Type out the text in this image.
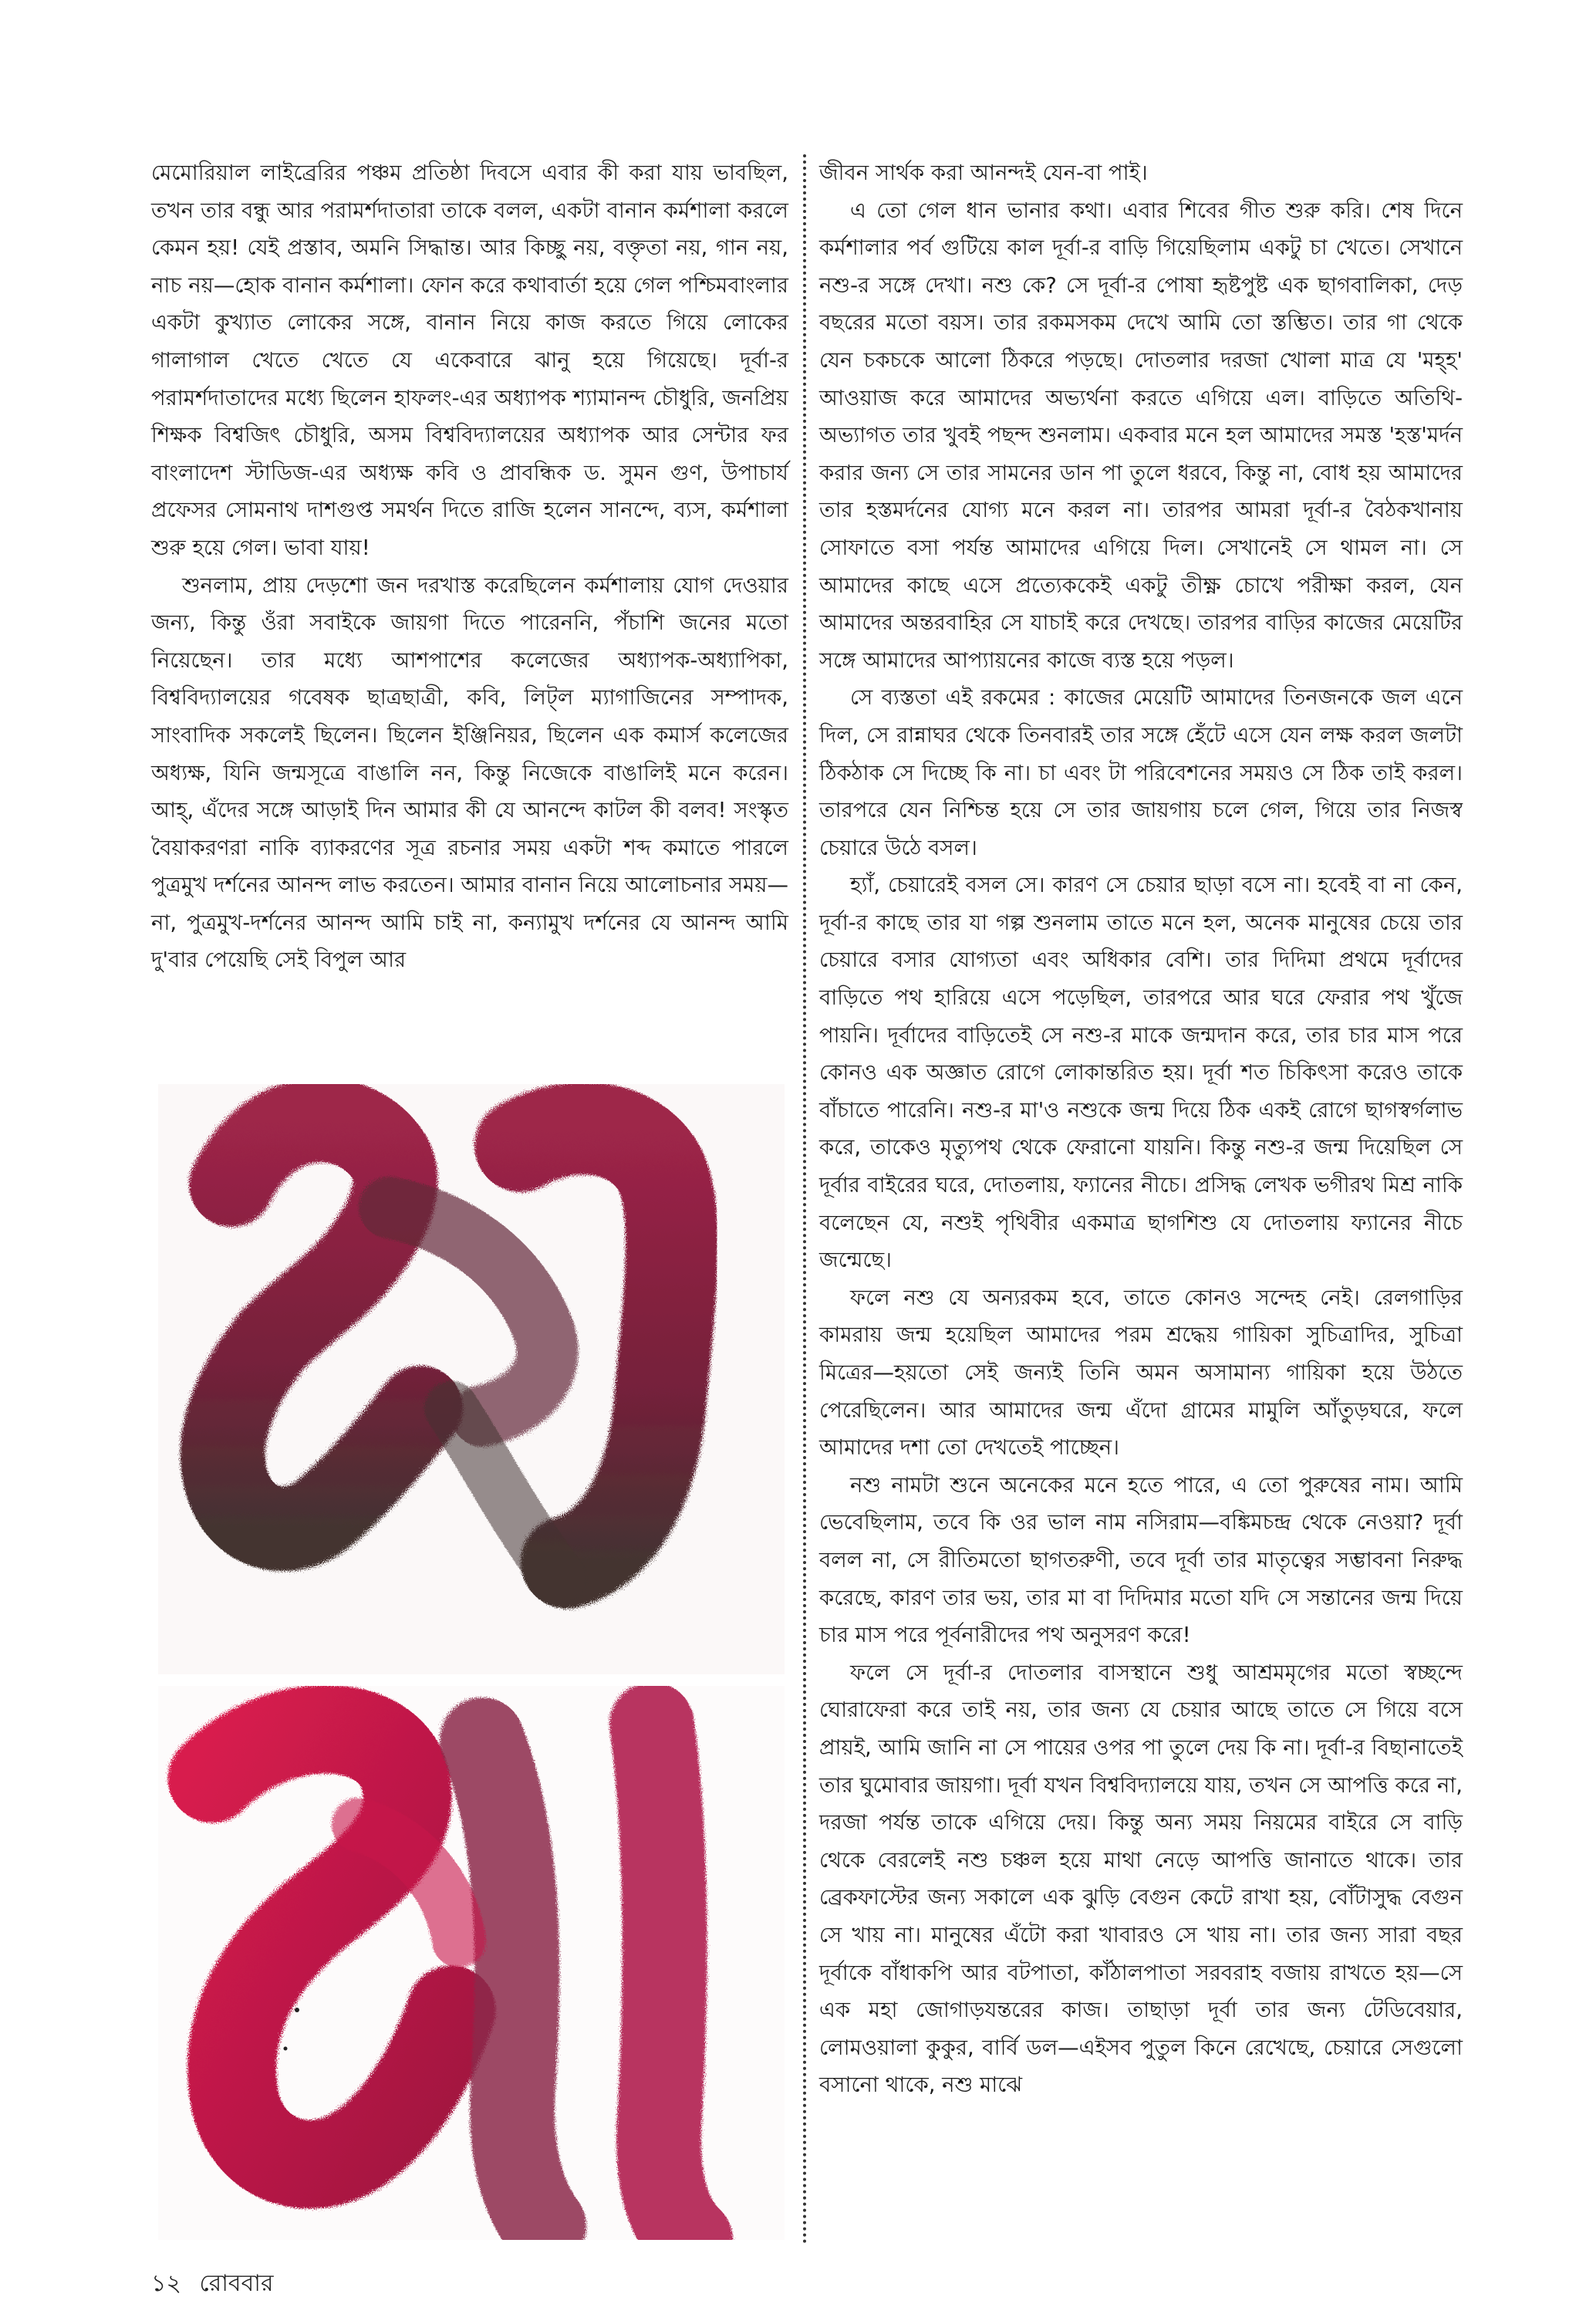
মেমোরিয়াল লাইব্রেরির পঞ্চম প্রতিষ্ঠা দিবসে এবার কী করা যায় ভাবছিল, তখন তার বন্ধু আর পরামর্শদাতারা তাকে বলল, একটা বানান কর্মশালা করলে কেমন হয়! যেই প্রস্তাব, অমনি সিদ্ধান্ত। আর কিচ্ছু নয়, বক্তৃতা নয়, গান নয়, নাচ নয়—হোক বানান কর্মশালা। ফোন করে কথাবার্তা হয়ে গেল পশ্চিমবাংলার একটা কুখ্যাত লোকের সঙ্গে, বানান নিয়ে কাজ করতে গিয়ে লোকের গালাগাল খেতে খেতে যে একেবারে ঝানু হয়ে গিয়েছে। দূর্বা-র পরামর্শদাতাদের মধ্যে ছিলেন হাফলং-এর অধ্যাপক শ্যামানন্দ চৌধুরি, জনপ্রিয় শিক্ষক বিশ্বজিৎ চৌধুরি, অসম বিশ্ববিদ্যালয়ের অধ্যাপক আর সেন্টার ফর বাংলাদেশ স্টাডিজ-এর অধ্যক্ষ কবি ও প্রাবন্ধিক ড. সুমন গুণ, উপাচার্য প্রফেসর সোমনাথ দাশগুপ্ত সমর্থন দিতে রাজি হলেন সানন্দে, ব্যস, কর্মশালা শুরু হয়ে গেল। ভাবা যায়!

শুনলাম, প্রায় দেড়শো জন দরখাস্ত করেছিলেন কর্মশালায় যোগ দেওয়ার জন্য, কিন্তু ওঁরা সবাইকে জায়গা দিতে পারেননি, পঁচাশি জনের মতো নিয়েছেন। তার মধ্যে আশপাশের কলেজের অধ্যাপক-অধ্যাপিকা, বিশ্ববিদ্যালয়ের গবেষক ছাত্রছাত্রী, কবি, লিট্‌ল ম্যাগাজিনের সম্পাদক, সাংবাদিক সকলেই ছিলেন। ছিলেন ইঞ্জিনিয়র, ছিলেন এক কমার্স কলেজের অধ্যক্ষ, যিনি জন্মসূত্রে বাঙালি নন, কিন্তু নিজেকে বাঙালিই মনে করেন। আহ্‌, এঁদের সঙ্গে আড়াই দিন আমার কী যে আনন্দে কাটল কী বলব! সংস্কৃত বৈয়াকরণরা নাকি ব্যাকরণের সূত্র রচনার সময় একটা শব্দ কমাতে পারলে পুত্রমুখ দর্শনের আনন্দ লাভ করতেন। আমার বানান নিয়ে আলোচনার সময়—না, পুত্রমুখ-দর্শনের আনন্দ আমি চাই না, কন্যামুখ দর্শনের যে আনন্দ আমি দু'বার পেয়েছি সেই বিপুল আর

জীবন সার্থক করা আনন্দই যেন-বা পাই।

এ তো গেল ধান ভানার কথা। এবার শিবের গীত শুরু করি। শেষ দিনে কর্মশালার পর্ব গুটিয়ে কাল দূর্বা-র বাড়ি গিয়েছিলাম একটু চা খেতে। সেখানে নশু-র সঙ্গে দেখা। নশু কে? সে দূর্বা-র পোষা হৃষ্টপুষ্ট এক ছাগবালিকা, দেড় বছরের মতো বয়স। তার রকমসকম দেখে আমি তো স্তম্ভিত। তার গা থেকে যেন চকচকে আলো ঠিকরে পড়ছে। দোতলার দরজা খোলা মাত্র যে 'মহ্‌হ' আওয়াজ করে আমাদের অভ্যর্থনা করতে এগিয়ে এল। বাড়িতে অতিথি-অভ্যাগত তার খুবই পছন্দ শুনলাম। একবার মনে হল আমাদের সমস্ত 'হস্ত'মর্দন করার জন্য সে তার সামনের ডান পা তুলে ধরবে, কিন্তু না, বোধ হয় আমাদের তার হস্তমর্দনের যোগ্য মনে করল না। তারপর আমরা দূর্বা-র বৈঠকখানায় সোফাতে বসা পর্যন্ত আমাদের এগিয়ে দিল। সেখানেই সে থামল না। সে আমাদের কাছে এসে প্রত্যেককেই একটু তীক্ষ্ণ চোখে পরীক্ষা করল, যেন আমাদের অন্তরবাহির সে যাচাই করে দেখছে। তারপর বাড়ির কাজের মেয়েটির সঙ্গে আমাদের আপ্যায়নের কাজে ব্যস্ত হয়ে পড়ল।

সে ব্যস্ততা এই রকমের : কাজের মেয়েটি আমাদের তিনজনকে জল এনে দিল, সে রান্নাঘর থেকে তিনবারই তার সঙ্গে হেঁটে এসে যেন লক্ষ করল জলটা ঠিকঠাক সে দিচ্ছে কি না। চা এবং টা পরিবেশনের সময়ও সে ঠিক তাই করল। তারপরে যেন নিশ্চিন্ত হয়ে সে তার জায়গায় চলে গেল, গিয়ে তার নিজস্ব চেয়ারে উঠে বসল।

হ্যাঁ, চেয়ারেই বসল সে। কারণ সে চেয়ার ছাড়া বসে না। হবেই বা না কেন, দূর্বা-র কাছে তার যা গল্প শুনলাম তাতে মনে হল, অনেক মানুষের চেয়ে তার চেয়ারে বসার যোগ্যতা এবং অধিকার বেশি। তার দিদিমা প্রথমে দূর্বাদের বাড়িতে পথ হারিয়ে এসে পড়েছিল, তারপরে আর ঘরে ফেরার পথ খুঁজে পায়নি। দূর্বাদের বাড়িতেই সে নশু-র মাকে জন্মদান করে, তার চার মাস পরে কোনও এক অজ্ঞাত রোগে লোকান্তরিত হয়। দূর্বা শত চিকিৎসা করেও তাকে বাঁচাতে পারেনি। নশু-র মা'ও নশুকে জন্ম দিয়ে ঠিক একই রোগে ছাগস্বর্গলাভ করে, তাকেও মৃত্যুপথ থেকে ফেরানো যায়নি। কিন্তু নশু-র জন্ম দিয়েছিল সে দূর্বার বাইরের ঘরে, দোতলায়, ফ্যানের নীচে। প্রসিদ্ধ লেখক ভগীরথ মিশ্র নাকি বলেছেন যে, নশুই পৃথিবীর একমাত্র ছাগশিশু যে দোতলায় ফ্যানের নীচে জন্মেছে।

ফলে নশু যে অন্যরকম হবে, তাতে কোনও সন্দেহ নেই। রেলগাড়ির কামরায় জন্ম হয়েছিল আমাদের পরম শ্রদ্ধেয় গায়িকা সুচিত্রাদির, সুচিত্রা মিত্রের—হয়তো সেই জন্যই তিনি অমন অসামান্য গায়িকা হয়ে উঠতে পেরেছিলেন। আর আমাদের জন্ম এঁদো গ্রামের মামুলি আঁতুড়ঘরে, ফলে আমাদের দশা তো দেখতেই পাচ্ছেন।

নশু নামটা শুনে অনেকের মনে হতে পারে, এ তো পুরুষের নাম। আমি ভেবেছিলাম, তবে কি ওর ভাল নাম নসিরাম—বঙ্কিমচন্দ্র থেকে নেওয়া? দূর্বা বলল না, সে রীতিমতো ছাগতরুণী, তবে দূর্বা তার মাতৃত্বের সম্ভাবনা নিরুদ্ধ করেছে, কারণ তার ভয়, তার মা বা দিদিমার মতো যদি সে সন্তানের জন্ম দিয়ে চার মাস পরে পূর্বনারীদের পথ অনুসরণ করে!

ফলে সে দূর্বা-র দোতলার বাসস্থানে শুধু আশ্রমমৃগের মতো স্বচ্ছন্দে ঘোরাফেরা করে তাই নয়, তার জন্য যে চেয়ার আছে তাতে সে গিয়ে বসে প্রায়ই, আমি জানি না সে পায়ের ওপর পা তুলে দেয় কি না। দূর্বা-র বিছানাতেই তার ঘুমোবার জায়গা। দূর্বা যখন বিশ্ববিদ্যালয়ে যায়, তখন সে আপত্তি করে না, দরজা পর্যন্ত তাকে এগিয়ে দেয়। কিন্তু অন্য সময় নিয়মের বাইরে সে বাড়ি থেকে বেরলেই নশু চঞ্চল হয়ে মাথা নেড়ে আপত্তি জানাতে থাকে। তার ব্রেকফাস্টের জন্য সকালে এক ঝুড়ি বেগুন কেটে রাখা হয়, বোঁটাসুদ্ধ বেগুন সে খায় না। মানুষের এঁটো করা খাবারও সে খায় না। তার জন্য সারা বছর দূর্বাকে বাঁধাকপি আর বটপাতা, কাঁঠালপাতা সরবরাহ বজায় রাখতে হয়—সে এক মহা জোগাড়যন্তরের কাজ। তাছাড়া দূর্বা তার জন্য টেডিবেয়ার, লোমওয়ালা কুকুর, বার্বি ডল—এইসব পুতুল কিনে রেখেছে, চেয়ারে সেগুলো বসানো থাকে, নশু মাঝে

১২ রোববার
